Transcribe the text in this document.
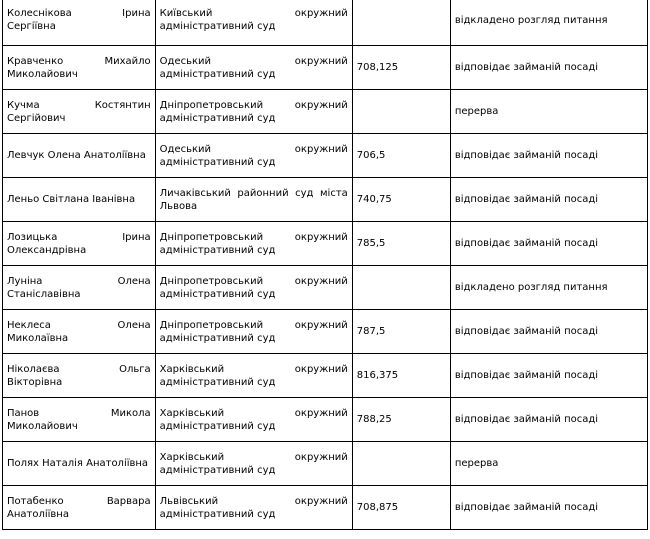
Колеснікова Ірина Сергіївна	Київський окружний адміністративний суд		відкладено розгляд питання

Кравченко Михайло Миколайович	Одеський окружний адміністративний суд	708,125	відповідає займаній посаді
Кучма Костянтин Сергійович	Дніпропетровський окружний адміністративний суд		перерва
Левчук Олена Анатоліївна	Одеський окружний адміністративний суд	706,5	відповідає займаній посаді
Леньо Світлана Іванівна	Личаківський районний суд міста Львова	740,75	відповідає займаній посаді

Лозицька Ірина Олександрівна	Дніпропетровський окружний адміністративний суд	785,5	відповідає займаній посаді
Луніна Олена Станіславівна	Дніпропетровський окружний адміністративний суд		відкладено розгляд питання
Неклеса Олена Миколаївна	Дніпропетровський окружний адміністративний суд	787,5	відповідає займаній посаді
Ніколаєва Ольга Вікторівна	Харківський окружний адміністративний суд	816,375	відповідає займаній посаді
Панов Микола Миколайович	Харківський окружний адміністративний суд	788,25	відповідає займаній посаді
Полях Наталія Анатоліївна	Харківський окружний адміністративний суд		перерва

Потабенко Варвара Анатоліївна	Львівський окружний адміністративний суд	708,875	відповідає займаній посаді
